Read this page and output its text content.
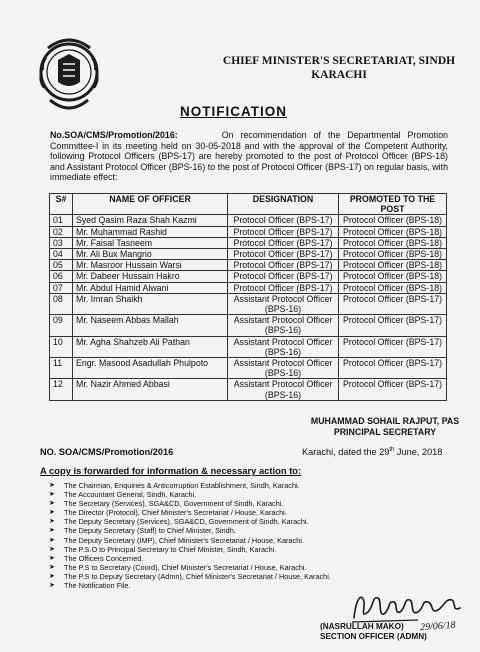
CHIEF MINISTER'S SECRETARIAT, SINDH
KARACHI
NOTIFICATION
No.SOA/CMS/Promotion/2016:	On recommendation of the Departmental Promotion Committee-I in its meeting held on 30-05-2018 and with the approval of the Competent Authority, following Protocol Officers (BPS-17) are hereby promoted to the post of Protocol Officer (BPS-18) and Assistant Protocol Officer (BPS-16) to the post of Protocol Officer (BPS-17) on regular basis, with immediate effect:
S#	NAME OF OFFICER	DESIGNATION	PROMOTED TO THE POST
01	Syed Qasim Raza Shah Kazmi	Protocol Officer (BPS-17)	Protocol Officer (BPS-18)
02	Mr. Muhammad Rashid	Protocol Officer (BPS-17)	Protocol Officer (BPS-18)
03	Mr. Faisal Tasneem	Protocol Officer (BPS-17)	Protocol Officer (BPS-18)
04	Mr. Ali Bux Mangrio	Protocol Officer (BPS-17)	Protocol Officer (BPS-18)
05	Mr. Masroor Hussain Warsi	Protocol Officer (BPS-17)	Protocol Officer (BPS-18)
06	Mr. Dabeer Hussain Hakro	Protocol Officer (BPS-17)	Protocol Officer (BPS-18)
07	Mr. Abdul Hamid Alwani	Protocol Officer (BPS-17)	Protocol Officer (BPS-18)
08	Mr. Imran Shaikh	Assistant Protocol Officer (BPS-16)	Protocol Officer (BPS-17)
09	Mr. Naseem Abbas Mallah	Assistant Protocol Officer (BPS-16)	Protocol Officer (BPS-17)
10	Mr. Agha Shahzeb Ali Pathan	Assistant Protocol Officer (BPS-16)	Protocol Officer (BPS-17)
11	Engr. Masood Asadullah Phulpoto	Assistant Protocol Officer (BPS-16)	Protocol Officer (BPS-17)
12	Mr. Nazir Ahmed Abbasi	Assistant Protocol Officer (BPS-16)	Protocol Officer (BPS-17)
MUHAMMAD SOHAIL RAJPUT, PAS
PRINCIPAL SECRETARY
NO. SOA/CMS/Promotion/2016	Karachi, dated the 29th June, 2018
A copy is forwarded for information & necessary action to:
➤ The Chairman, Enquiries & Anticorruption Establishment, Sindh, Karachi.
➤ The Accountant General, Sindh, Karachi.
➤ The Secretary (Services), SGA&CD, Government of Sindh, Karachi.
➤ The Director (Protocol), Chief Minister's Secretariat / House, Karachi.
➤ The Deputy Secretary (Services), SGA&CD, Government of Sindh, Karachi.
➤ The Deputy Secretary (Staff) to Chief Minister, Sindh.
➤ The Deputy Secretary (IMP), Chief Minister's Secretariat / House, Karachi.
➤ The P.S.O to Principal Secretary to Chief Minister, Sindh, Karachi.
➤ The Officers Concerned.
➤ The P.S to Secretary (Coord), Chief Minister's Secretariat / House, Karachi.
➤ The P.S to Deputy Secretary (Admn), Chief Minister's Secretariat / House, Karachi.
➤ The Notification File.
(NASRULLAH MAKO)
SECTION OFFICER (ADMN)
29/06/18
